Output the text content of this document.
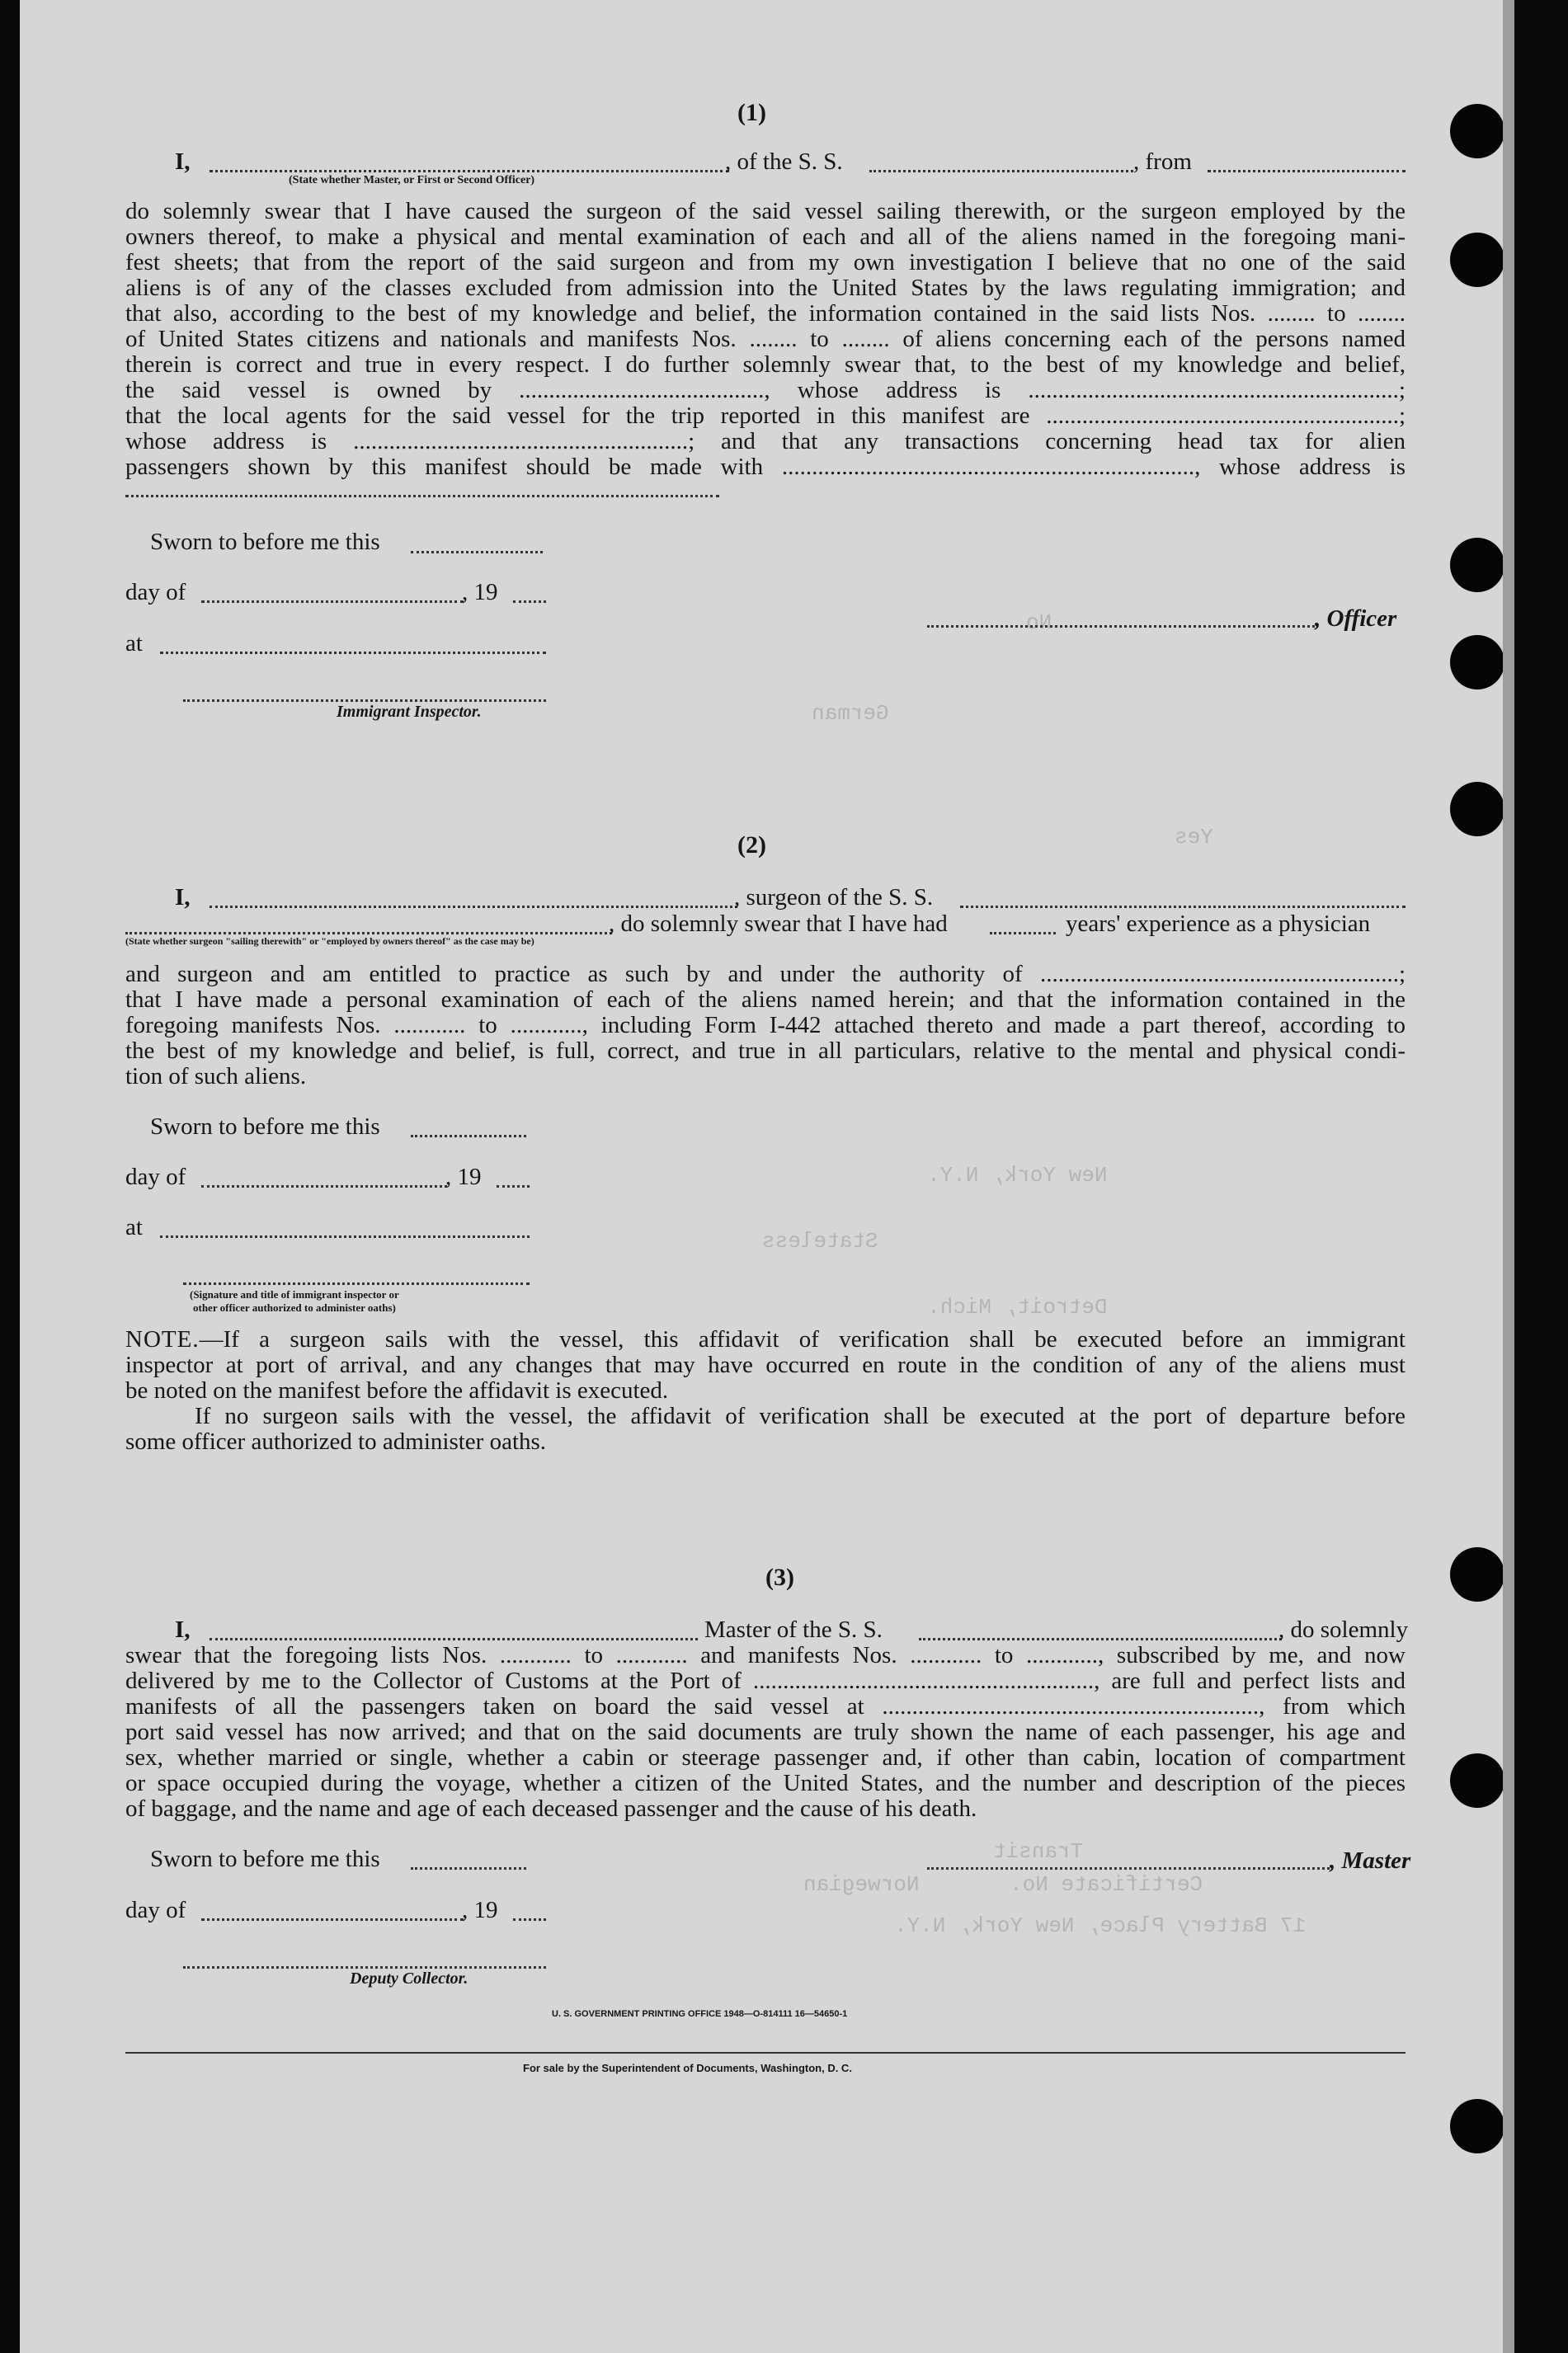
Yes
No
German
Stateless
New York, N.Y.
Detroit, Mich.
Norwegian
Transit
Certificate No.
17 Battery Place, New York, N.Y.
(1)
I,	, of the S. S.	, from
(State whether Master, or First or Second Officer)
do solemnly swear that I have caused the surgeon of the said vessel sailing therewith, or the surgeon employed by the
owners thereof, to make a physical and mental examination of each and all of the aliens named in the foregoing mani-
fest sheets; that from the report of the said surgeon and from my own investigation I believe that no one of the said
aliens is of any of the classes excluded from admission into the United States by the laws regulating immigration; and
that also, according to the best of my knowledge and belief, the information contained in the said lists Nos. ........ to ........
of United States citizens and nationals and manifests Nos. ........ to ........ of aliens concerning each of the persons named
therein is correct and true in every respect. I do further solemnly swear that, to the best of my knowledge and belief,
the said vessel is owned by ........................................., whose address is ..............................................................;
that the local agents for the said vessel for the trip reported in this manifest are ...........................................................;
whose address is ........................................................; and that any transactions concerning head tax for alien
passengers shown by this manifest should be made with ....................................................................., whose address is
Sworn to before me this
day of	, 19
, Officer
at
Immigrant Inspector.
(2)
I,	, surgeon of the S. S.
, do solemnly swear that I have had	years' experience as a physician
(State whether surgeon "sailing therewith" or "employed by owners thereof" as the case may be)
and surgeon and am entitled to practice as such by and under the authority of ............................................................;
that I have made a personal examination of each of the aliens named herein; and that the information contained in the
foregoing manifests Nos. ............ to ............, including Form I-442 attached thereto and made a part thereof, according to
the best of my knowledge and belief, is full, correct, and true in all particulars, relative to the mental and physical condi-
tion of such aliens.
Sworn to before me this
day of	, 19
at
(Signature and title of immigrant inspector or
other officer authorized to administer oaths)
NOTE.—If a surgeon sails with the vessel, this affidavit of verification shall be executed before an immigrant
inspector at port of arrival, and any changes that may have occurred en route in the condition of any of the aliens must
be noted on the manifest before the affidavit is executed.
If no surgeon sails with the vessel, the affidavit of verification shall be executed at the port of departure before
some officer authorized to administer oaths.
(3)
I,	Master of the S. S.	, do solemnly
swear that the foregoing lists Nos. ............ to ............ and manifests Nos. ............ to ............, subscribed by me, and now
delivered by me to the Collector of Customs at the Port of ........................................................., are full and perfect lists and
manifests of all the passengers taken on board the said vessel at ..............................................................., from which
port said vessel has now arrived; and that on the said documents are truly shown the name of each passenger, his age and
sex, whether married or single, whether a cabin or steerage passenger and, if other than cabin, location of compartment
or space occupied during the voyage, whether a citizen of the United States, and the number and description of the pieces
of baggage, and the name and age of each deceased passenger and the cause of his death.
Sworn to before me this	, Master
day of	, 19
Deputy Collector.
U. S. GOVERNMENT PRINTING OFFICE 1948—O-814111 16—54650-1
For sale by the Superintendent of Documents, Washington, D. C.
